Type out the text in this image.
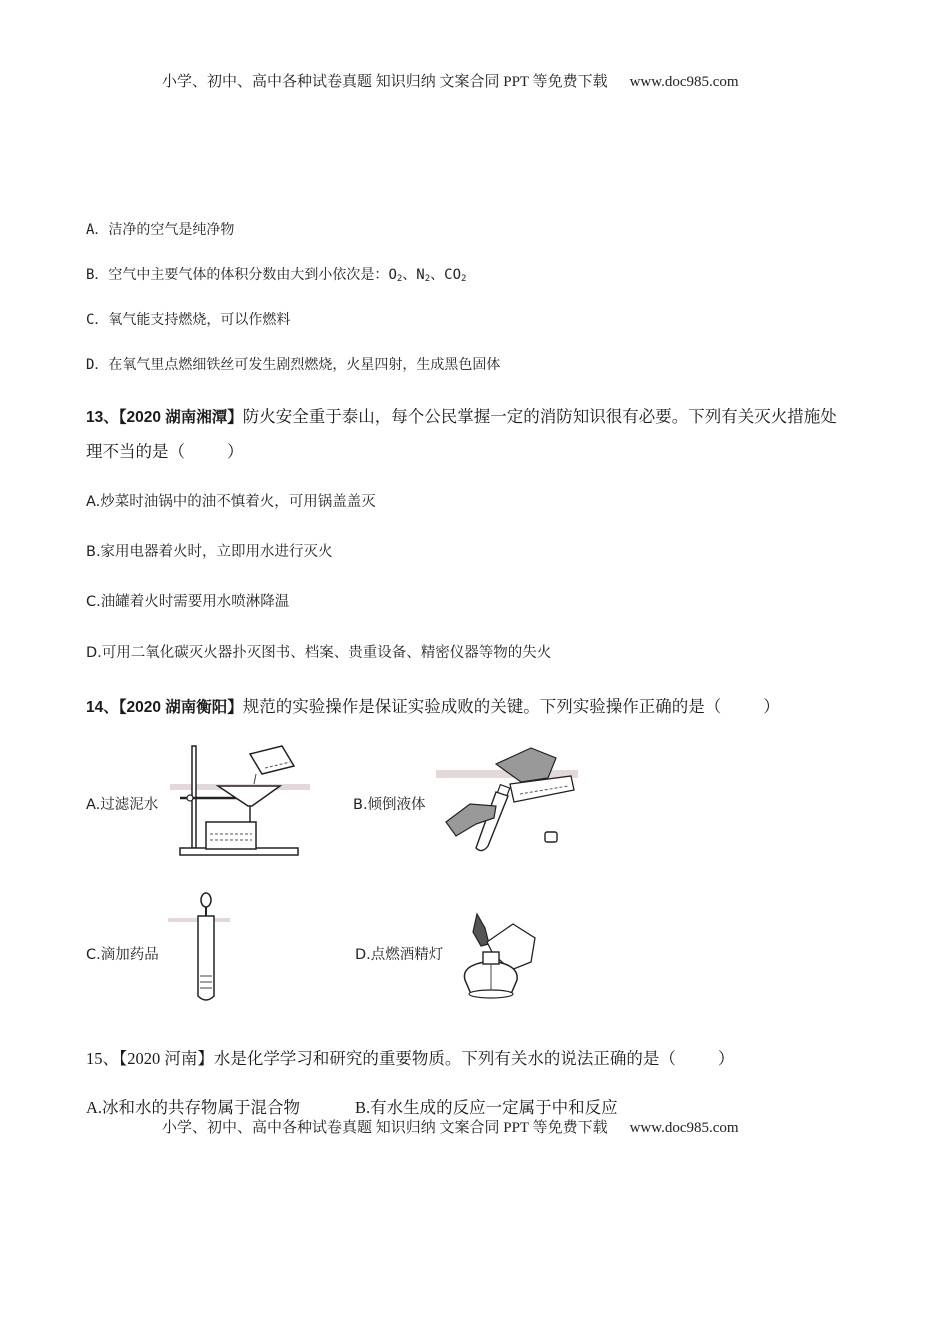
小学、初中、高中各种试卷真题 知识归纳 文案合同 PPT 等免费下载 www.doc985.com
A．洁净的空气是纯净物
B．空气中主要气体的体积分数由大到小依次是：$O_2$、$N_2$、$CO_2$
C．氧气能支持燃烧，可以作燃料
D．在氧气里点燃细铁丝可发生剧烈燃烧，火星四射，生成黑色固体
13、【2020 湖南湘潭】防火安全重于泰山，每个公民掌握一定的消防知识很有必要。下列有关灭火措施处
理不当的是（	）
A.炒菜时油锅中的油不慎着火，可用锅盖盖灭
B.家用电器着火时，立即用水进行灭火
C.油罐着火时需要用水喷淋降温
D.可用二氧化碳灭火器扑灭图书、档案、贵重设备、精密仪器等物的失火
14、【2020 湖南衡阳】规范的实验操作是保证实验成败的关键。下列实验操作正确的是（	）
A.过滤泥水	B.倾倒液体
C.滴加药品	D.点燃酒精灯
15、【2020 河南】水是化学学习和研究的重要物质。下列有关水的说法正确的是（	）
A.冰和水的共存物属于混合物	B.有水生成的反应一定属于中和反应
小学、初中、高中各种试卷真题 知识归纳 文案合同 PPT 等免费下载 www.doc985.com
